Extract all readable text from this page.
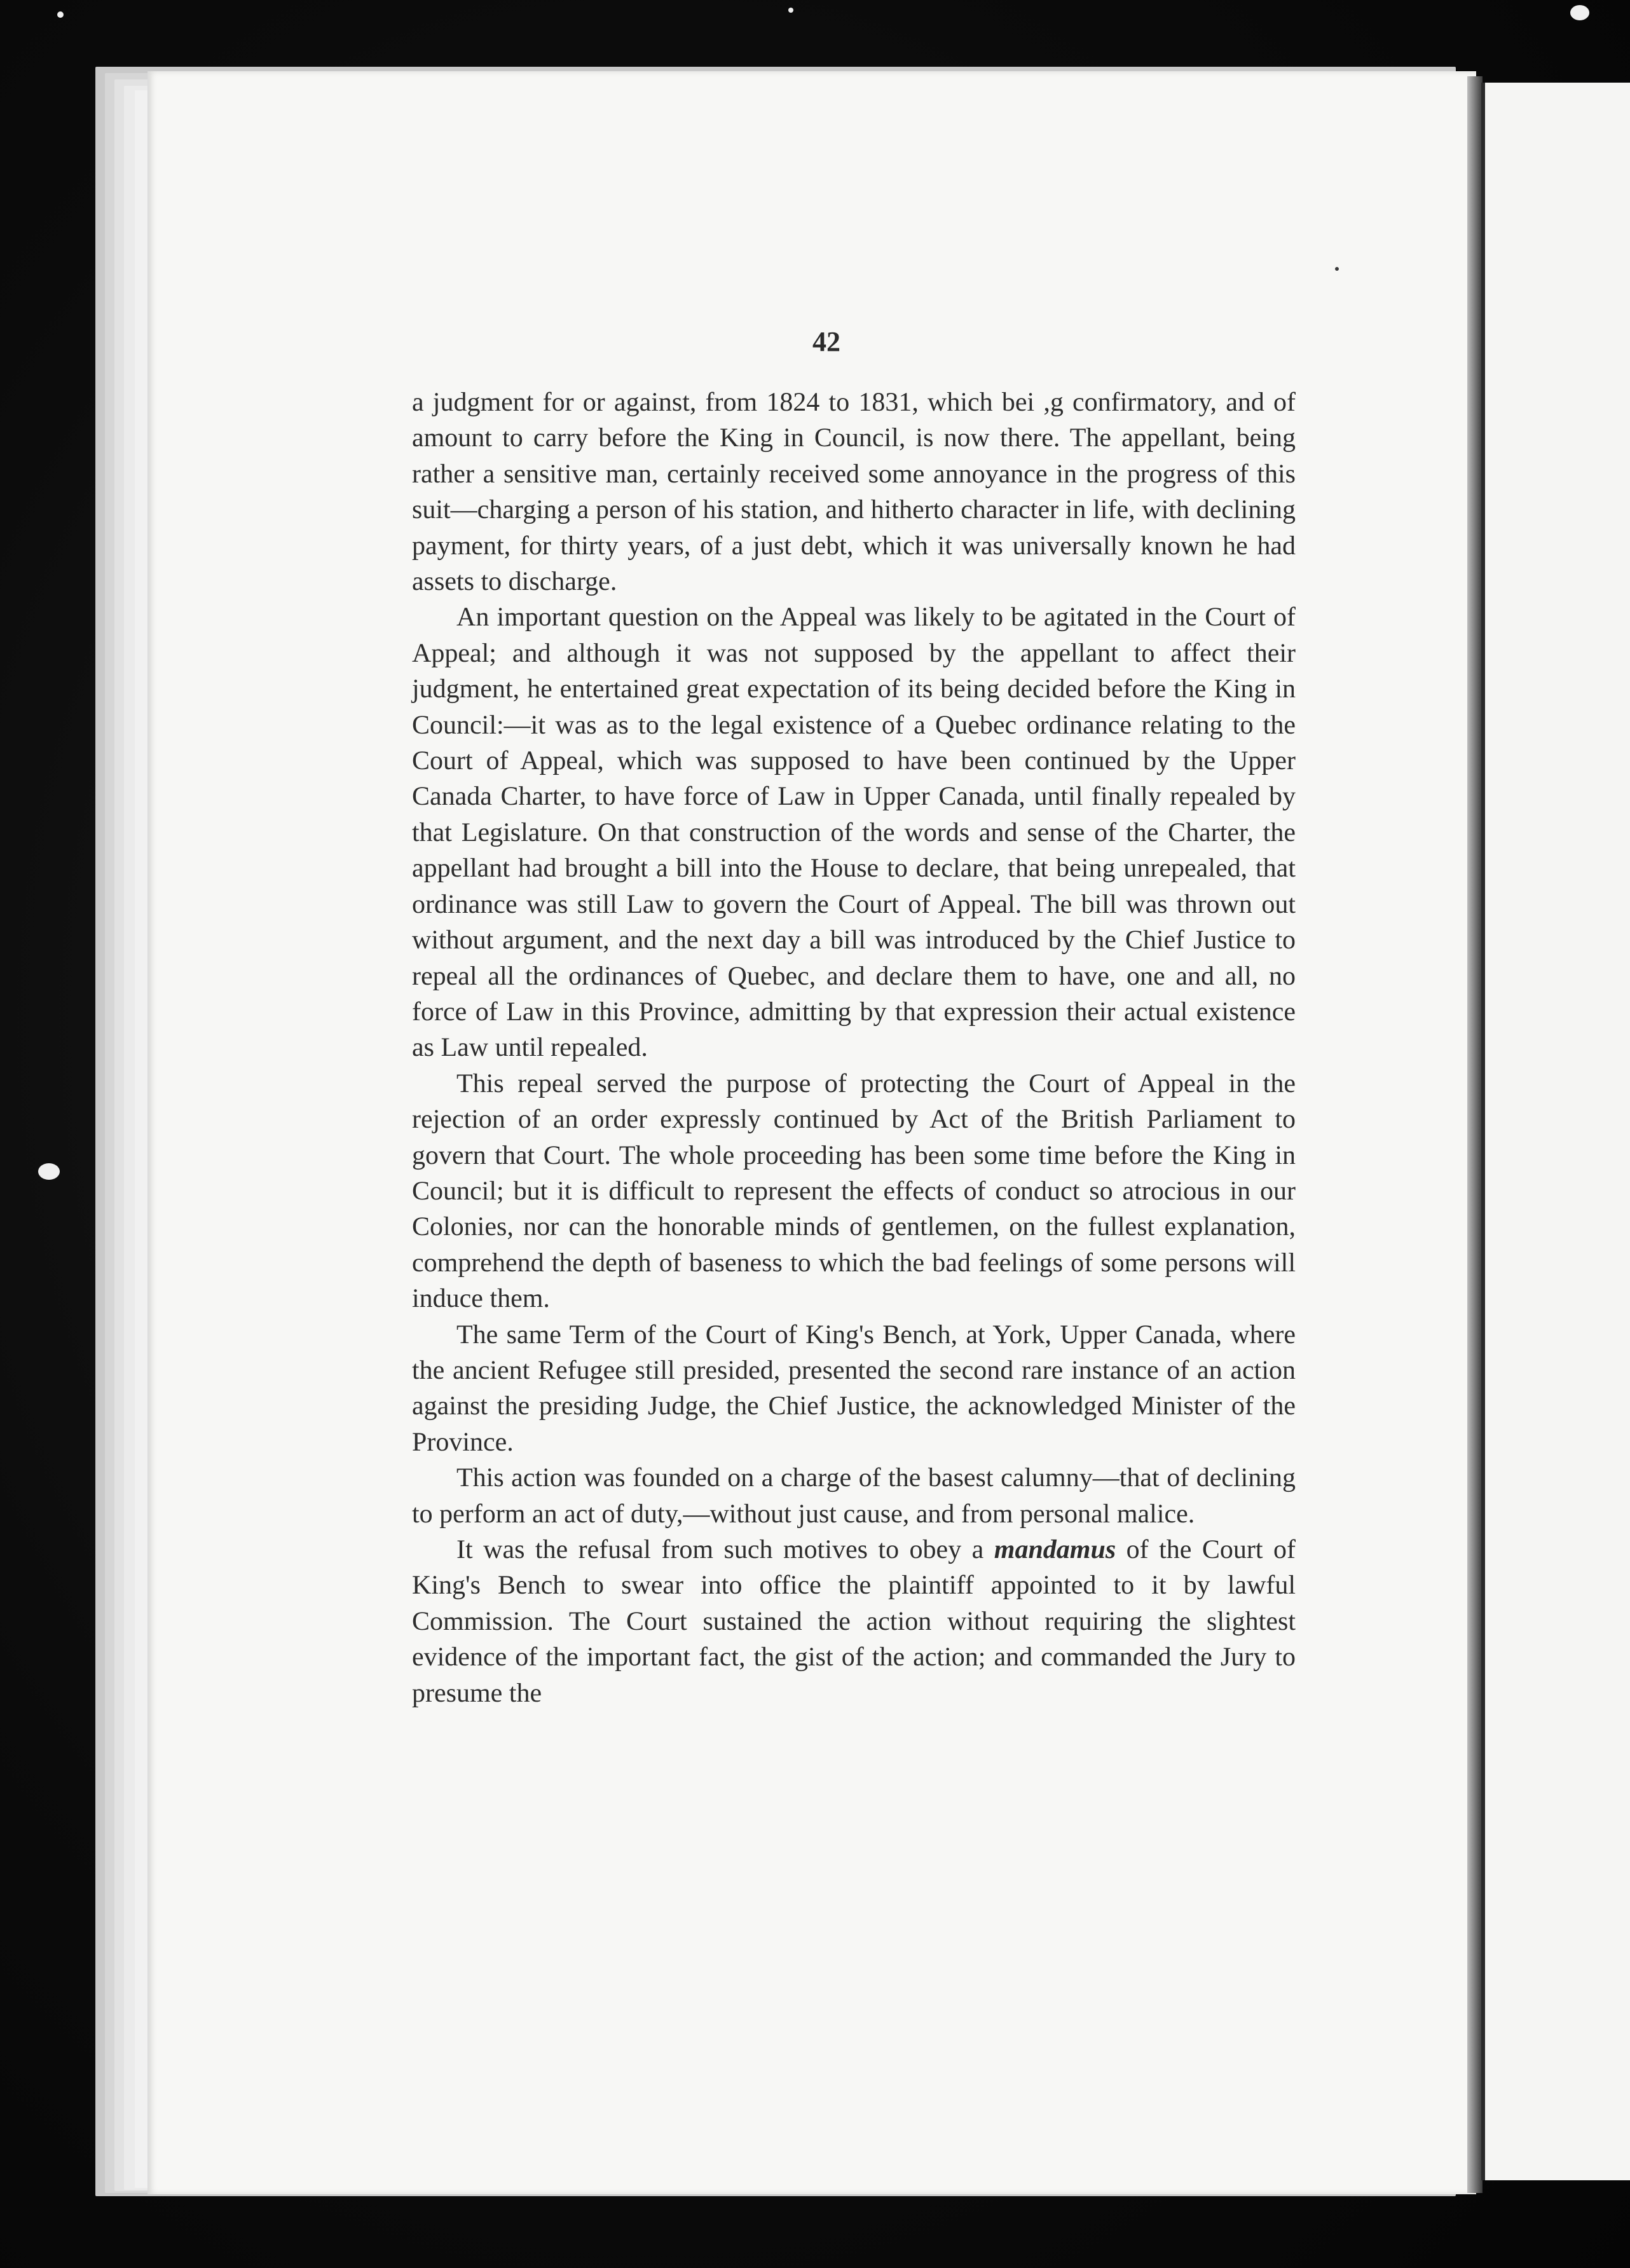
42

a judgment for or against, from 1824 to 1831, which bei ,g confirmatory, and of amount to carry before the King in Council, is now there. The appellant, being rather a sensitive man, certainly received some annoyance in the progress of this suit—charging a person of his station, and hitherto character in life, with declining payment, for thirty years, of a just debt, which it was universally known he had assets to discharge.

An important question on the Appeal was likely to be agitated in the Court of Appeal; and although it was not supposed by the appellant to affect their judgment, he entertained great expectation of its being decided before the King in Council:—it was as to the legal existence of a Quebec ordinance relating to the Court of Appeal, which was supposed to have been continued by the Upper Canada Charter, to have force of Law in Upper Canada, until finally repealed by that Legislature. On that construction of the words and sense of the Charter, the appellant had brought a bill into the House to declare, that being unrepealed, that ordinance was still Law to govern the Court of Appeal. The bill was thrown out without argument, and the next day a bill was introduced by the Chief Justice to repeal all the ordinances of Quebec, and declare them to have, one and all, no force of Law in this Province, admitting by that expression their actual existence as Law until repealed.

This repeal served the purpose of protecting the Court of Appeal in the rejection of an order expressly continued by Act of the British Parliament to govern that Court. The whole proceeding has been some time before the King in Council; but it is difficult to represent the effects of conduct so atrocious in our Colonies, nor can the honorable minds of gentlemen, on the fullest explanation, comprehend the depth of baseness to which the bad feelings of some persons will induce them.

The same Term of the Court of King's Bench, at York, Upper Canada, where the ancient Refugee still presided, presented the second rare instance of an action against the presiding Judge, the Chief Justice, the acknowledged Minister of the Province.

This action was founded on a charge of the basest calumny—that of declining to perform an act of duty,—without just cause, and from personal malice.

It was the refusal from such motives to obey a mandamus of the Court of King's Bench to swear into office the plaintiff appointed to it by lawful Commission. The Court sustained the action without requiring the slightest evidence of the important fact, the gist of the action; and commanded the Jury to presume the
